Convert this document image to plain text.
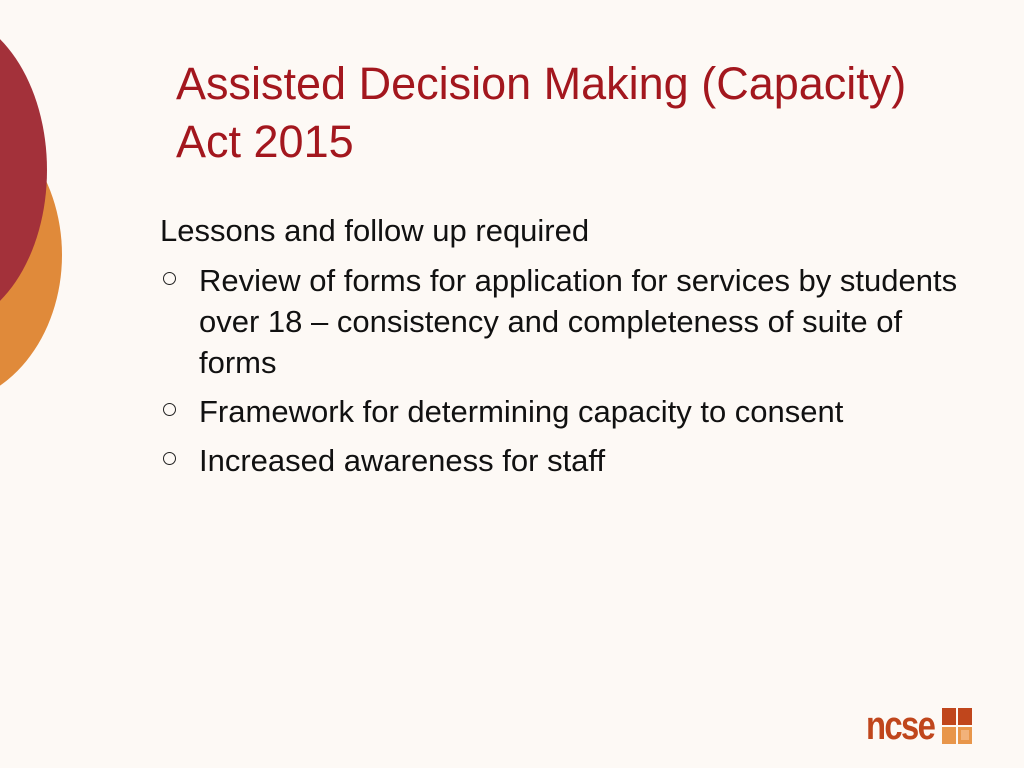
Assisted Decision Making (Capacity)
Act 2015

Lessons and follow up required

Review of forms for application for services by students over 18 – consistency and completeness of suite of forms
Framework for determining capacity to consent
Increased awareness for staff
ncse
